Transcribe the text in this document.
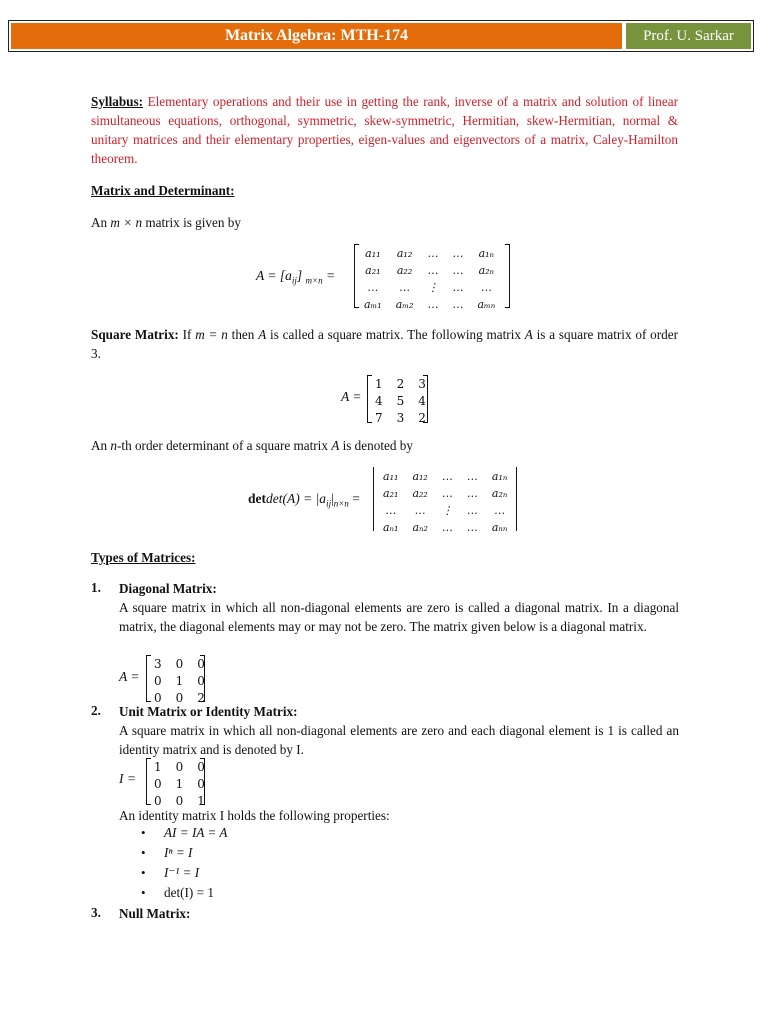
Matrix Algebra: MTH-174	Prof. U. Sarkar
Syllabus: Elementary operations and their use in getting the rank, inverse of a matrix and solution of linear simultaneous equations, orthogonal, symmetric, skew-symmetric, Hermitian, skew-Hermitian, normal & unitary matrices and their elementary properties, eigen-values and eigenvectors of a matrix, Caley-Hamilton theorem.
Matrix and Determinant:
An m × n matrix is given by
$A = [a_{ij}] _{m\times n}$ =
a₁₁	a₁₂	…	…	a₁ₙ
a₂₁	a₂₂	…	…	a₂ₙ
…	…	⋮	…	…
aₘ₁	aₘ₂	…	…	aₘₙ
Square Matrix: If m = n then A is called a square matrix. The following matrix A is a square matrix of order 3.
A =
1	2	3
4	5	4
7	3	2
An n-th order determinant of a square matrix A is denoted by
$detdet(A) = |a_{ij}|_{n\times n}$ =
a₁₁	a₁₂	…	…	a₁ₙ
a₂₁	a₂₂	…	…	a₂ₙ
…	…	⋮	…	…
aₙ₁	aₙ₂	…	…	aₙₙ
Types of Matrices:
1. Diagonal Matrix:
A square matrix in which all non-diagonal elements are zero is called a diagonal matrix. In a diagonal matrix, the diagonal elements may or may not be zero. The matrix given below is a diagonal matrix.
A =
3	0	0
0	1	0
0	0	2
2. Unit Matrix or Identity Matrix:
A square matrix in which all non-diagonal elements are zero and each diagonal element is 1 is called an identity matrix and is denoted by I.
I =
1	0	0
0	1	0
0	0	1
An identity matrix I holds the following properties:
• AI = IA = A
• Iⁿ = I
• I⁻¹ = I
• det(I) = 1
3. Null Matrix:
